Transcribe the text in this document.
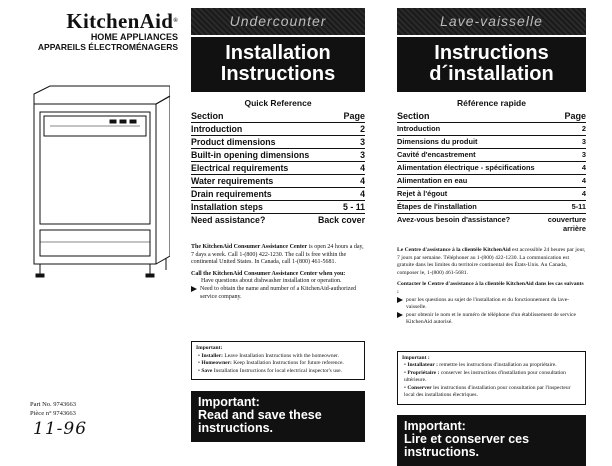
KitchenAid®
HOME APPLIANCES
APPAREILS ÉLECTROMÉNAGERS
Part No. 9743663
Pièce n° 9743663
11-96
Undercounter
Installation
Instructions
Quick Reference
Section	Page
Introduction	2
Product dimensions	3
Built-in opening dimensions	3
Electrical requirements	4
Water requirements	4
Drain requirements	4
Installation steps	5 - 11
Need assistance?	Back cover
The KitchenAid Consumer Assistance Center is open 24 hours a day, 7 days a week. Call 1-(800) 422-1230. The call is free within the continental United States. In Canada, call 1-(800) 461-5681.
Call the KitchenAid Consumer Assistance Center when you:
Have questions about dishwasher installation or operation.
Need to obtain the name and number of a KitchenAid-authorized service company.
Important:
• Installer: Leave Installation Instructions with the homeowner.
• Homeowner: Keep Installation Instructions for future reference.
• Save Installation Instructions for local electrical inspector's use.
Important:
Read and save these
instructions.
Lave-vaisselle
Instructions
d´installation
Référence rapide
Section	Page
Introduction	2
Dimensions du produit	3
Cavité d'encastrement	3
Alimentation électrique - spécifications	4
Alimentation en eau	4
Rejet à l'égout	4
Étapes de l'installation	5-11
Avez-vous besoin d'assistance?	couverture
arrière
Le Centre d'assistance à la clientèle KitchenAid est accessible 24 heures par jour, 7 jours par semaine. Téléphoner au 1-(800) 422-1230. La communication est gratuite dans les limites du territoire continental des États-Unis. Au Canada, composer le, 1-(800) 461-5681.
Contacter le Centre d'assistance à la clientèle KitchenAid dans les cas suivants :
pour les questions au sujet de l'installation et du fonctionnement du lave-vaisselle.
pour obtenir le nom et le numéro de téléphone d'un établissement de service KitchenAid autorisé.
Important :
• Installateur : remettre les instructions d'installation au propriétaire.
• Propriétaire : conserver les instructions d'installation pour consultation ultérieure.
• Conserver les instructions d'installation pour consultation par l'inspecteur local des installations électriques.
Important:
Lire et conserver ces
instructions.
